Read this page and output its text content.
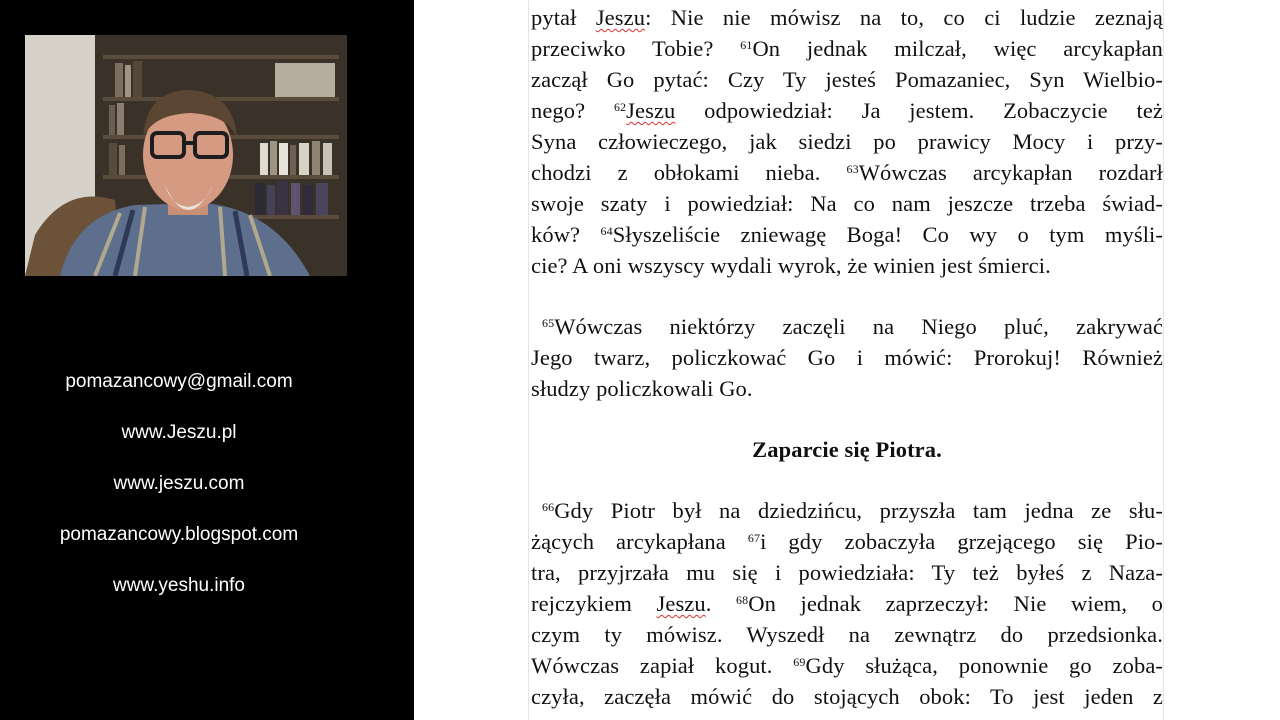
pomazancowy@gmail.com
www.Jeszu.pl
www.jeszu.com
pomazancowy.blogspot.com
www.yeshu.info
pytał Jeszu: Nie nie mówisz na to, co ci ludzie zeznają
przeciwko Tobie? $^{61}$On jednak milczał, więc arcykapłan
zaczął Go pytać: Czy Ty jesteś Pomazaniec, Syn Wielbio-
nego? $^{62}$Jeszu odpowiedział: Ja jestem. Zobaczycie też
Syna człowieczego, jak siedzi po prawicy Mocy i przy-
chodzi z obłokami nieba. $^{63}$Wówczas arcykapłan rozdarł
swoje szaty i powiedział: Na co nam jeszcze trzeba świad-
ków? $^{64}$Słyszeliście zniewagę Boga! Co wy o tym myśli-
cie? A oni wszyscy wydali wyrok, że winien jest śmierci.
$^{65}$Wówczas niektórzy zaczęli na Niego pluć, zakrywać
Jego twarz, policzkować Go i mówić: Prorokuj! Również
słudzy policzkowali Go.
Zaparcie się Piotra.
$^{66}$Gdy Piotr był na dziedzińcu, przyszła tam jedna ze słu-
żących arcykapłana $^{67}$i gdy zobaczyła grzejącego się Pio-
tra, przyjrzała mu się i powiedziała: Ty też byłeś z Naza-
rejczykiem Jeszu. $^{68}$On jednak zaprzeczył: Nie wiem, o
czym ty mówisz. Wyszedł na zewnątrz do przedsionka.
Wówczas zapiał kogut. $^{69}$Gdy służąca, ponownie go zoba-
czyła, zaczęła mówić do stojących obok: To jest jeden z
